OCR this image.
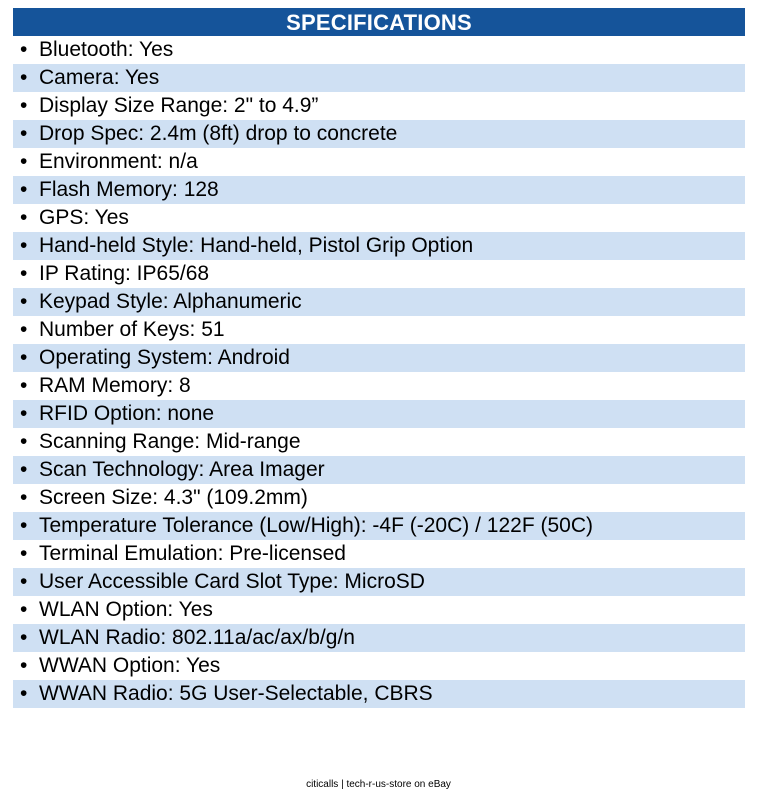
SPECIFICATIONS
• Bluetooth: Yes
• Camera: Yes
• Display Size Range: 2" to 4.9”
• Drop Spec: 2.4m (8ft) drop to concrete
• Environment: n/a
• Flash Memory: 128
• GPS: Yes
• Hand-held Style: Hand-held, Pistol Grip Option
• IP Rating: IP65/68
• Keypad Style: Alphanumeric
• Number of Keys: 51
• Operating System: Android
• RAM Memory: 8
• RFID Option: none
• Scanning Range: Mid-range
• Scan Technology: Area Imager
• Screen Size: 4.3" (109.2mm)
• Temperature Tolerance (Low/High): -4F (-20C) / 122F (50C)
• Terminal Emulation: Pre-licensed
• User Accessible Card Slot Type: MicroSD
• WLAN Option: Yes
• WLAN Radio: 802.11a/ac/ax/b/g/n
• WWAN Option: Yes
• WWAN Radio: 5G User-Selectable, CBRS
citicalls | tech-r-us-store on eBay
